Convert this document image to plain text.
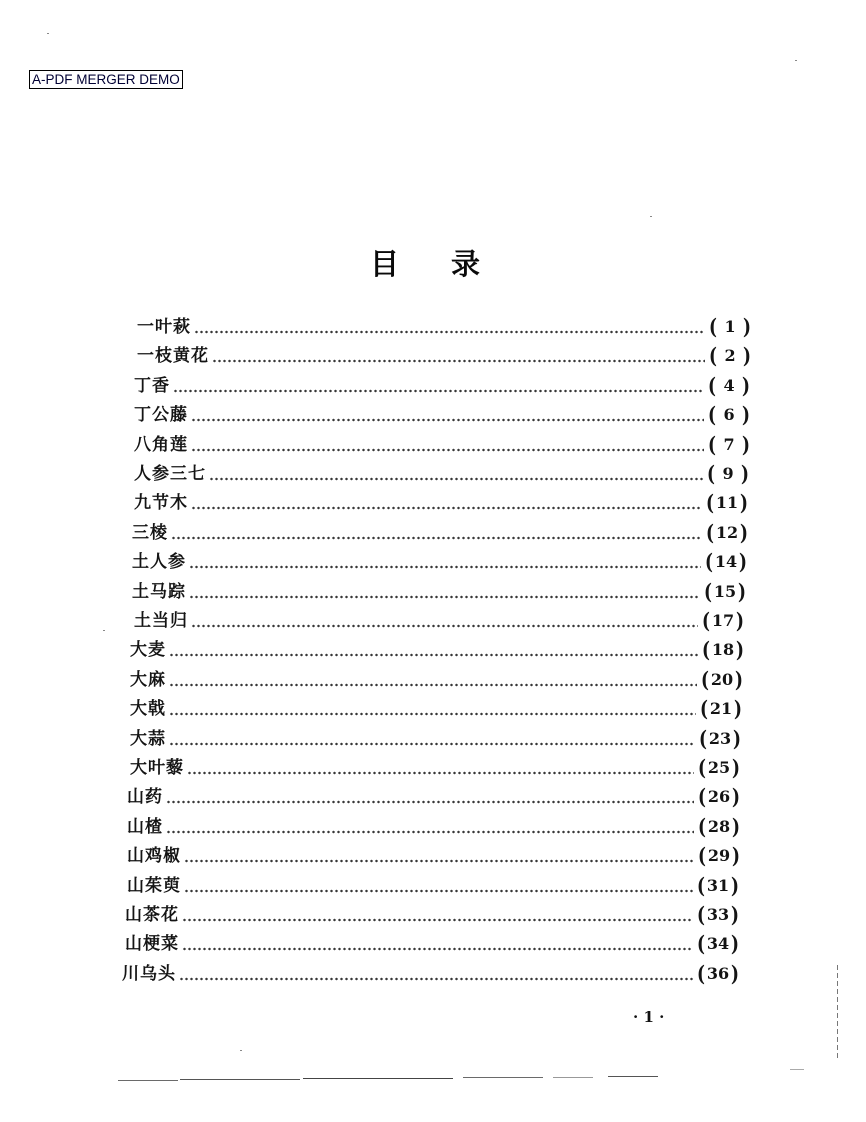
A-PDF MERGER DEMO
目 录
一叶萩	( 1 )
一枝黄花	( 2 )
丁香	( 4 )
丁公藤	( 6 )
八角莲	( 7 )
人参三七	( 9 )
九节木	( 11 )
三棱	( 12 )
土人参	( 14 )
土马踪	( 15 )
土当归	( 17 )
大麦	( 18 )
大麻	( 20 )
大戟	( 21 )
大蒜	( 23 )
大叶藜	( 25 )
山药	( 26 )
山楂	( 28 )
山鸡椒	( 29 )
山茱萸	( 31 )
山茶花	( 33 )
山梗菜	( 34 )
川乌头	( 36 )
· 1 ·
